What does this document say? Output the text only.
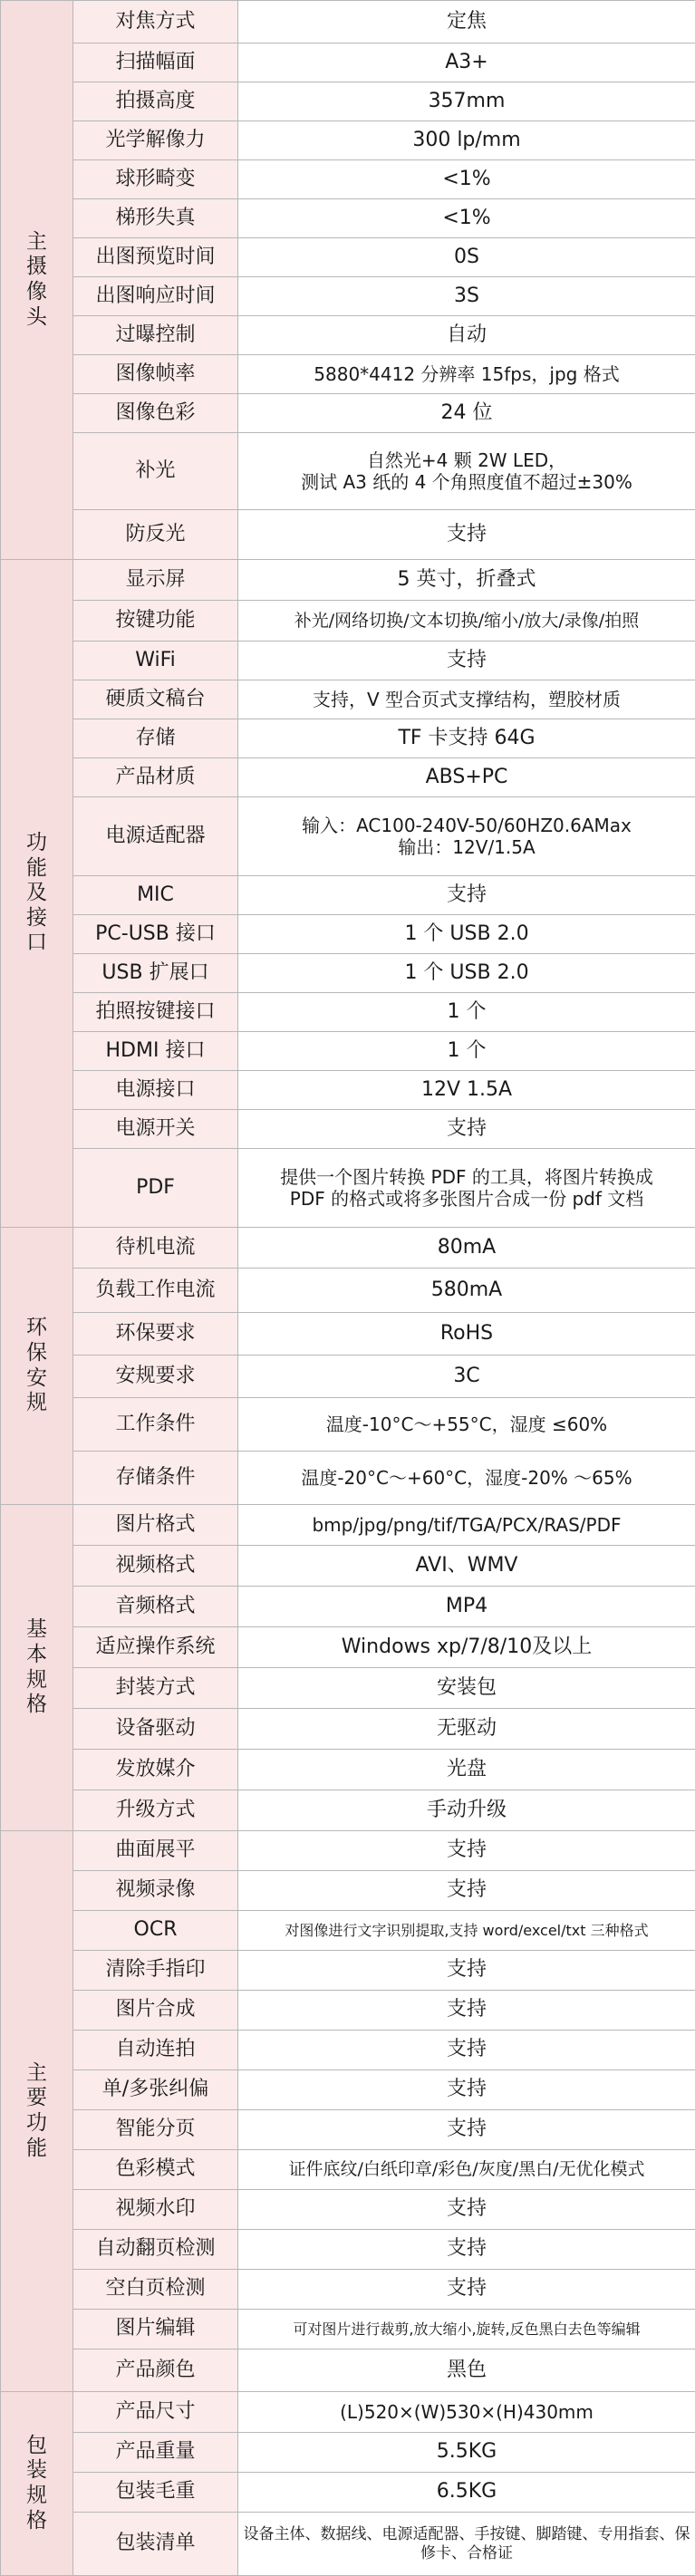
主摄像头	对焦方式	定焦
	扫描幅面	A3+
	拍摄高度	357mm
	光学解像力	300 lp/mm
	球形畸变	<1%
	梯形失真	<1%
	出图预览时间	0S
	出图响应时间	3S
	过曝控制	自动
	图像帧率	5880*4412 分辨率 15fps，jpg 格式
	图像色彩	24 位
	补光	自然光+4 颗 2W LED，
测试 A3 纸的 4 个角照度值不超过±30%
	防反光	支持

功能及接口	显示屏	5 英寸，折叠式
	按键功能	补光/网络切换/文本切换/缩小/放大/录像/拍照
	WiFi	支持
	硬质文稿台	支持，V 型合页式支撑结构，塑胶材质
	存储	TF 卡支持 64G
	产品材质	ABS+PC
	电源适配器	输入：AC100-240V-50/60HZ0.6AMax
输出：12V/1.5A
	MIC	支持
	PC-USB 接口	1 个 USB 2.0
	USB 扩展口	1 个 USB 2.0
	拍照按键接口	1 个
	HDMI 接口	1 个
	电源接口	12V 1.5A
	电源开关	支持
	PDF	提供一个图片转换 PDF 的工具，将图片转换成
PDF 的格式或将多张图片合成一份 pdf 文档

环保安规	待机电流	80mA
	负载工作电流	580mA
	环保要求	RoHS
	安规要求	3C
	工作条件	温度-10°C～+55°C，湿度 ≤60%
	存储条件	温度-20°C～+60°C，湿度-20% ～65%

基本规格	图片格式	bmp/jpg/png/tif/TGA/PCX/RAS/PDF
	视频格式	AVI、WMV
	音频格式	MP4
	适应操作系统	Windows xp/7/8/10及以上
	封装方式	安装包
	设备驱动	无驱动
	发放媒介	光盘
	升级方式	手动升级

主要功能	曲面展平	支持
	视频录像	支持
	OCR	对图像进行文字识别提取,支持 word/excel/txt 三种格式
	清除手指印	支持
	图片合成	支持
	自动连拍	支持
	单/多张纠偏	支持
	智能分页	支持
	色彩模式	证件底纹/白纸印章/彩色/灰度/黑白/无优化模式
	视频水印	支持
	自动翻页检测	支持
	空白页检测	支持
	图片编辑	可对图片进行裁剪,放大缩小,旋转,反色黑白去色等编辑
	产品颜色	黑色

包装规格	产品尺寸	(L)520×(W)530×(H)430mm
	产品重量	5.5KG
	包装毛重	6.5KG
	包装清单	设备主体、数据线、电源适配器、手按键、脚踏键、专用指套、保修卡、合格证
